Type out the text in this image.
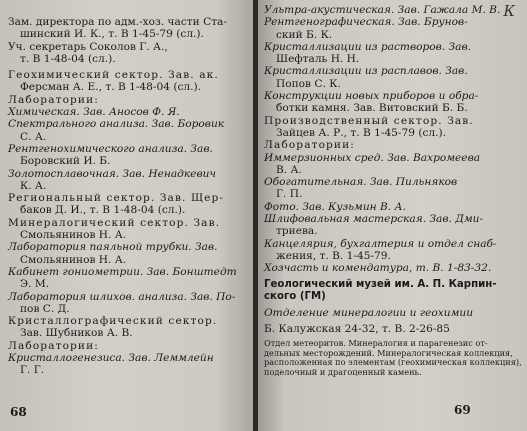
Зам. директора по адм.-хоз. части Ста-
шинский И. К., т. В 1-45-79 (сл.).
Уч. секретарь Соколов Г. А.,
т. В 1-48-04 (сл.).
Геохимический сектор. Зав. ак.
Ферсман А. Е., т. В 1-48-04 (сл.).
Лаборатории:
Химическая. Зав. Аносов Ф. Я.
Спектрального анализа. Зав. Боровик
С. А.
Рентгенохимического анализа. Зав.
Боровский И. Б.
Золотосплавочная. Зав. Ненадкевич
К. А.
Региональный сектор. Зав. Щер-
баков Д. И., т. В 1-48-04 (сл.).
Минералогический сектор. Зав.
Смольянинов Н. А.
Лаборатория паяльной трубки. Зав.
Смольянинов Н. А.
Кабинет гониометрии. Зав. Бонштедт
Э. М.
Лаборатория шлихов. анализа. Зав. По-
пов С. Д.
Кристаллографический сектор.
Зав. Шубников А. В.
Лаборатории:
Кристаллогенезиса. Зав. Леммлейн
Г. Г.
68
К
Ультра-акустическая. Зав. Гажала М. В.
Рентгенографическая. Зав. Брунов-
ский Б. К.
Кристаллизации из растворов. Зав.
Шефталь Н. Н.
Кристаллизации из расплавов. Зав.
Попов С. К.
Конструкции новых приборов и обра-
ботки камня. Зав. Витовский Б. Б.
Производственный сектор. Зав.
Зайцев А. Р., т. В 1-45-79 (сл.).
Лаборатории:
Иммерзионных сред. Зав. Вахромеева
В. А.
Обогатительная. Зав. Пильняков
Г. П.
Фото. Зав. Кузьмин В. А.
Шлифовальная мастерская. Зав. Дми-
триева.
Канцелярия, бухгалтерия и отдел снаб-
жения, т. В. 1-45-79.
Хозчасть и комендатура, т. В. 1-83-32.
Геологический музей им. А. П. Карпин-
ского (ГМ)
Отделение минералогии и геохимии
Б. Калужская 24-32, т. В. 2-26-85
Отдел метеоритов. Минералогия и парагенезис от-
дельных месторождений. Минералогическая коллекция,
расположенная по элементам (геохимическая коллекция),
поделочный и драгоценный камень.
69
